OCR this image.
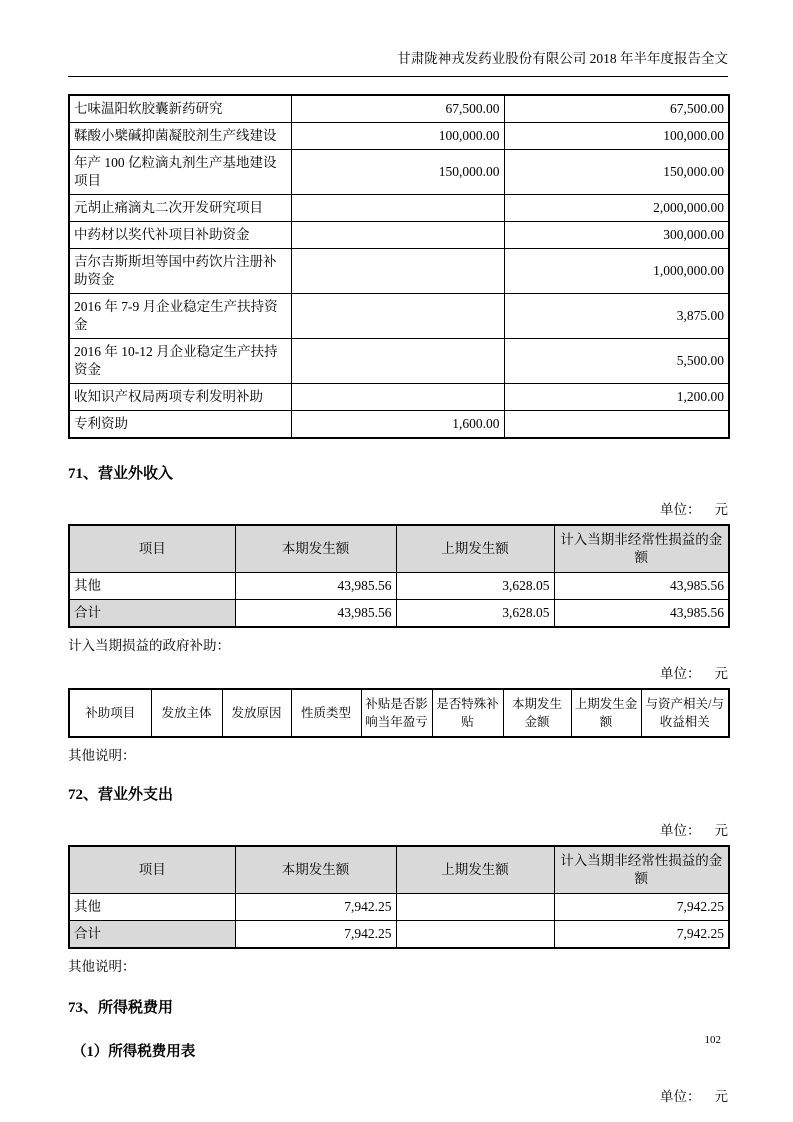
甘肃陇神戎发药业股份有限公司 2018 年半年度报告全文
七味温阳软胶囊新药研究	67,500.00	67,500.00
鞣酸小檗碱抑菌凝胶剂生产线建设	100,000.00	100,000.00
年产 100 亿粒滴丸剂生产基地建设项目	150,000.00	150,000.00
元胡止痛滴丸二次开发研究项目		2,000,000.00
中药材以奖代补项目补助资金		300,000.00
吉尔吉斯斯坦等国中药饮片注册补助资金		1,000,000.00
2016 年 7-9 月企业稳定生产扶持资金		3,875.00
2016 年 10-12 月企业稳定生产扶持资金		5,500.00
收知识产权局两项专利发明补助		1,200.00
专利资助	1,600.00	
71、营业外收入
单位： 元
项目	本期发生额	上期发生额	计入当期非经常性损益的金额
其他	43,985.56	3,628.05	43,985.56
合计	43,985.56	3,628.05	43,985.56
计入当期损益的政府补助：
单位： 元
补助项目	发放主体	发放原因	性质类型	补贴是否影响当年盈亏	是否特殊补贴	本期发生金额	上期发生金额	与资产相关/与收益相关
其他说明：
72、营业外支出
单位： 元
项目	本期发生额	上期发生额	计入当期非经常性损益的金额
其他	7,942.25		7,942.25
合计	7,942.25		7,942.25
其他说明：
73、所得税费用
（1）所得税费用表
单位： 元
102
